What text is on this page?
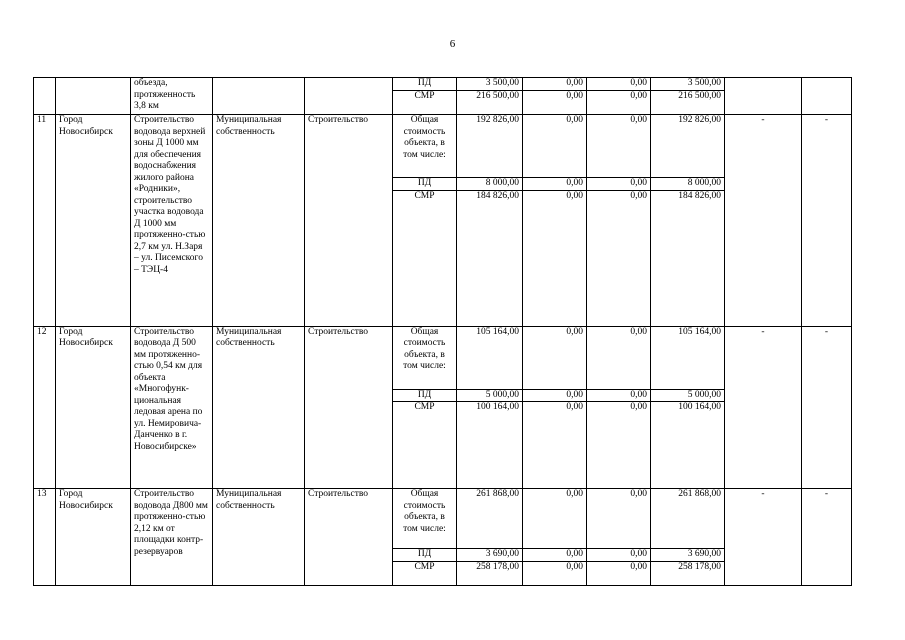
6
		объезда, протяженность 3,8 км			ПД	3 500,00	0,00	0,00	3 500,00		
					СМР	216 500,00	0,00	0,00	216 500,00		
11	Город Новосибирск	Строительство водовода верхней зоны Д 1000 мм для обеспечения водоснабжения жилого района «Родники», строительство участка водовода Д 1000 мм протяженно-стью 2,7 км ул. Н.Заря – ул. Писемского – ТЭЦ-4	Муниципальная собственность	Строительство	Общая стоимость объекта, в том числе:	192 826,00	0,00	0,00	192 826,00	-	-
					ПД	8 000,00	0,00	0,00	8 000,00		
					СМР	184 826,00	0,00	0,00	184 826,00		
12	Город Новосибирск	Строительство водовода Д 500 мм протяженно-стью 0,54 км для объекта «Многофунк-циональная ледовая арена по ул. Немировича-Данченко в г. Новосибирске»	Муниципальная собственность	Строительство	Общая стоимость объекта, в том числе:	105 164,00	0,00	0,00	105 164,00	-	-
					ПД	5 000,00	0,00	0,00	5 000,00		
					СМР	100 164,00	0,00	0,00	100 164,00		
13	Город Новосибирск	Строительство водовода Д800 мм протяженно-стью 2,12 км от площадки контр-резервуаров	Муниципальная собственность	Строительство	Общая стоимость объекта, в том числе:	261 868,00	0,00	0,00	261 868,00	-	-
					ПД	3 690,00	0,00	0,00	3 690,00		
					СМР	258 178,00	0,00	0,00	258 178,00		
